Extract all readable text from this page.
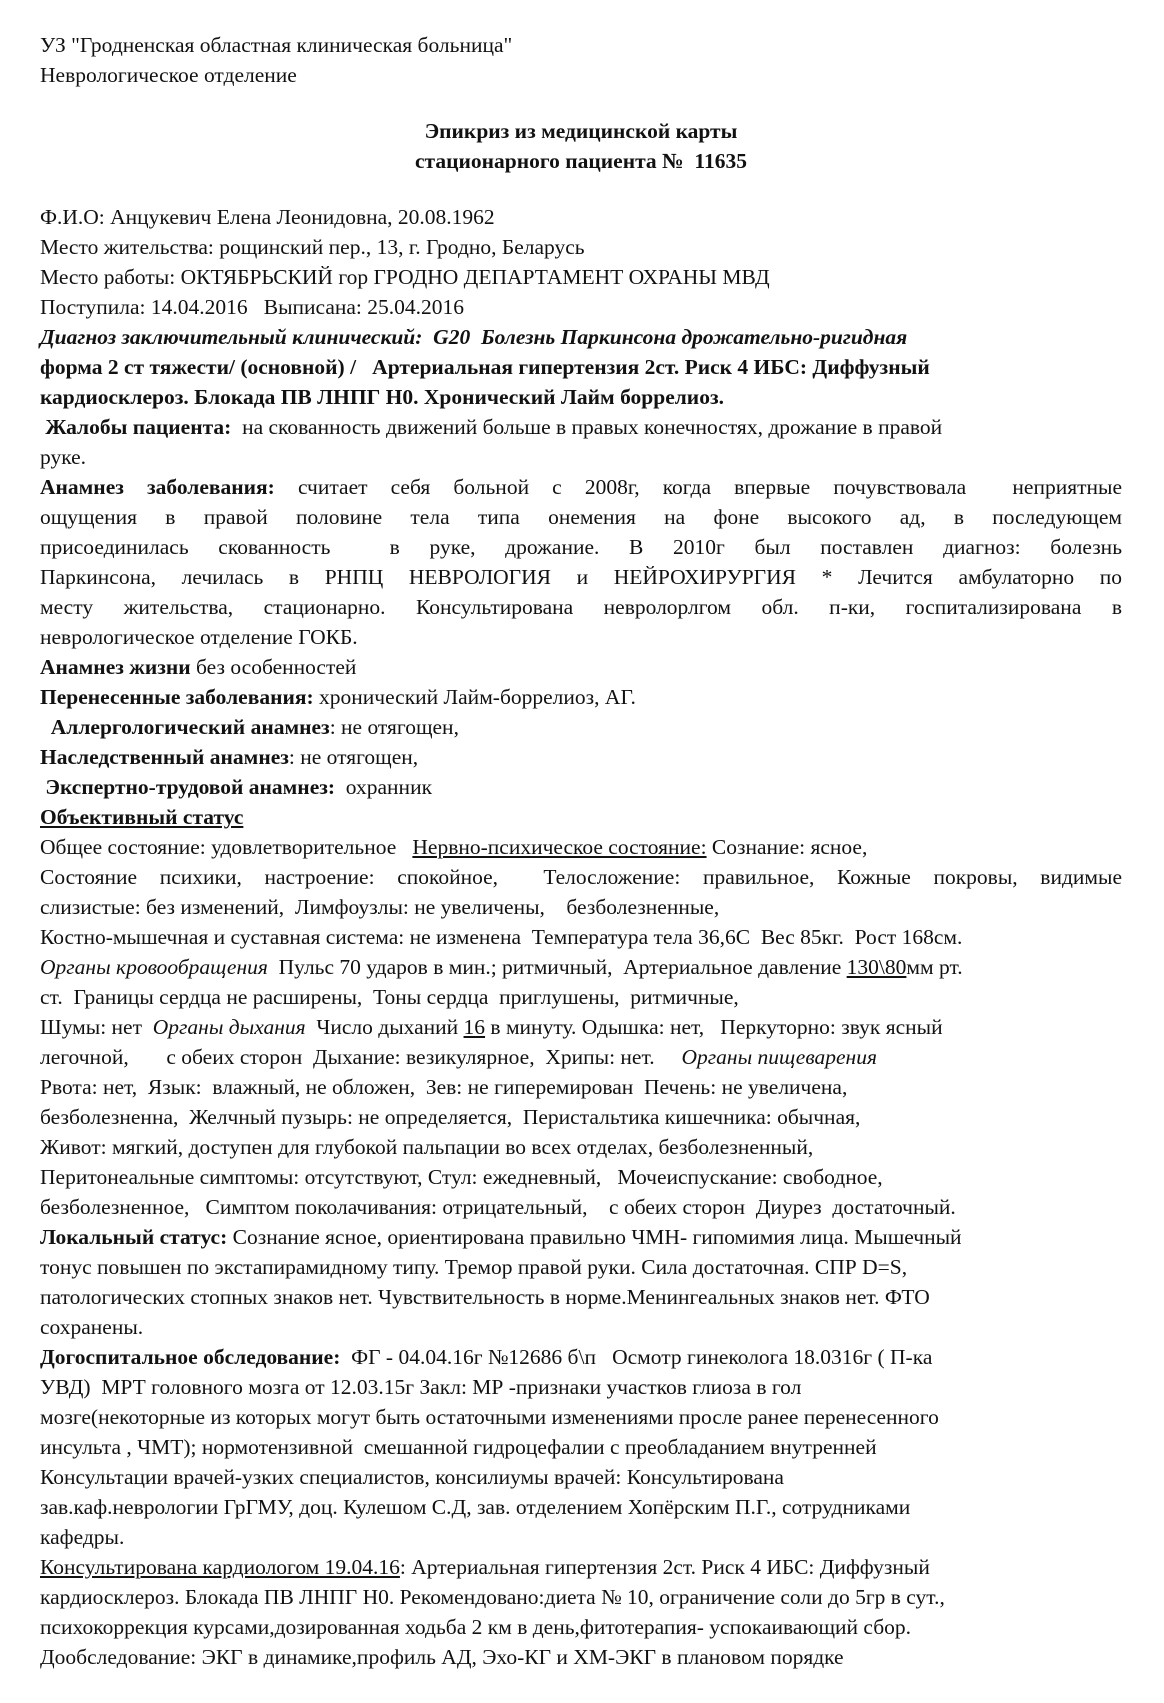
УЗ "Гродненская областная клиническая больница"
Неврологическое отделение
Эпикриз из медицинской карты
стационарного пациента №  11635
Ф.И.О: Анцукевич Елена Леонидовна, 20.08.1962
Место жительства: рощинский пер., 13, г. Гродно, Беларусь
Место работы: ОКТЯБРЬСКИЙ гор ГРОДНО ДЕПАРТАМЕНТ ОХРАНЫ МВД
Поступила: 14.04.2016   Выписана: 25.04.2016
Диагноз заключительный клинический:  G20  Болезнь Паркинсона дрожательно-ригидная
форма 2 ст тяжести/ (основной) /   Артериальная гипертензия 2ст. Риск 4 ИБС: Диффузный
кардиосклероз. Блокада ПВ ЛНПГ Н0. Хронический Лайм боррелиоз.
Жалобы пациента:  на скованность движений больше в правых конечностях, дрожание в правой
руке.
Анамнез заболевания: считает себя больной с 2008г, когда впервые почувствовала  неприятные
ощущения в правой половине тела типа онемения на фоне высокого ад, в последующем
присоединилась скованность  в руке, дрожание. В 2010г был поставлен диагноз: болезнь
Паркинсона, лечилась в РНПЦ НЕВРОЛОГИЯ и НЕЙРОХИРУРГИЯ * Лечится амбулаторно по
месту жительства, стационарно. Консультирована невролорлгом обл. п-ки, госпитализирована в
неврологическое отделение ГОКБ.
Анамнез жизни без особенностей
Перенесенные заболевания: хронический Лайм-боррелиоз, АГ.
Аллергологический анамнез: не отягощен,
Наследственный анамнез: не отягощен,
Экспертно-трудовой анамнез:  охранник
Объективный статус
Общее состояние: удовлетворительное   Нервно-психическое состояние: Сознание: ясное,
Состояние психики, настроение: спокойное,  Телосложение: правильное, Кожные покровы, видимые
слизистые: без изменений,  Лимфоузлы: не увеличены,    безболезненные,
Костно-мышечная и суставная система: не изменена  Температура тела 36,6С  Вес 85кг.  Рост 168см.
Органы кровообращения  Пульс 70 ударов в мин.; ритмичный,  Артериальное давление 130\80мм рт.
ст.  Границы сердца не расширены,  Тоны сердца  приглушены,  ритмичные,
Шумы: нет  Органы дыхания  Число дыханий 16 в минуту. Одышка: нет,   Перкуторно: звук ясный
легочной,       с обеих сторон  Дыхание: везикулярное,  Хрипы: нет.     Органы пищеварения
Рвота: нет,  Язык:  влажный, не обложен,  Зев: не гиперемирован  Печень: не увеличена,
безболезненна,  Желчный пузырь: не определяется,  Перистальтика кишечника: обычная,
Живот: мягкий, доступен для глубокой пальпации во всех отделах, безболезненный,
Перитонеальные симптомы: отсутствуют, Стул: ежедневный,   Мочеиспускание: свободное,
безболезненное,   Симптом поколачивания: отрицательный,    с обеих сторон  Диурез  достаточный.
Локальный статус: Сознание ясное, ориентирована правильно ЧМН- гипомимия лица. Мышечный
тонус повышен по экстапирамидному типу. Тремор правой руки. Сила достаточная. СПР D=S,
патологических стопных знаков нет. Чувствительность в норме.Менингеальных знаков нет. ФТО
сохранены.
Догоспитальное обследование:  ФГ - 04.04.16г №12686 б\п   Осмотр гинеколога 18.0316г ( П-ка
УВД)  МРТ головного мозга от 12.03.15г Закл: МР -признаки участков глиоза в гол
мозге(некоторные из которых могут быть остаточными изменениями просле ранее перенесенного
инсульта , ЧМТ); нормотензивной  смешанной гидроцефалии с преобладанием внутренней
Консультации врачей-узких специалистов, консилиумы врачей: Консультирована
зав.каф.неврологии ГрГМУ, доц. Кулешом С.Д, зав. отделением Хопёрским П.Г., сотрудниками
кафедры.
Консультирована кардиологом 19.04.16: Артериальная гипертензия 2ст. Риск 4 ИБС: Диффузный
кардиосклероз. Блокада ПВ ЛНПГ Н0. Рекомендовано:диета № 10, ограничение соли до 5гр в сут.,
психокоррекция курсами,дозированная ходьба 2 км в день,фитотерапия- успокаивающий сбор.
Дообследование: ЭКГ в динамике,профиль АД, Эхо-КГ и ХМ-ЭКГ в плановом порядке
